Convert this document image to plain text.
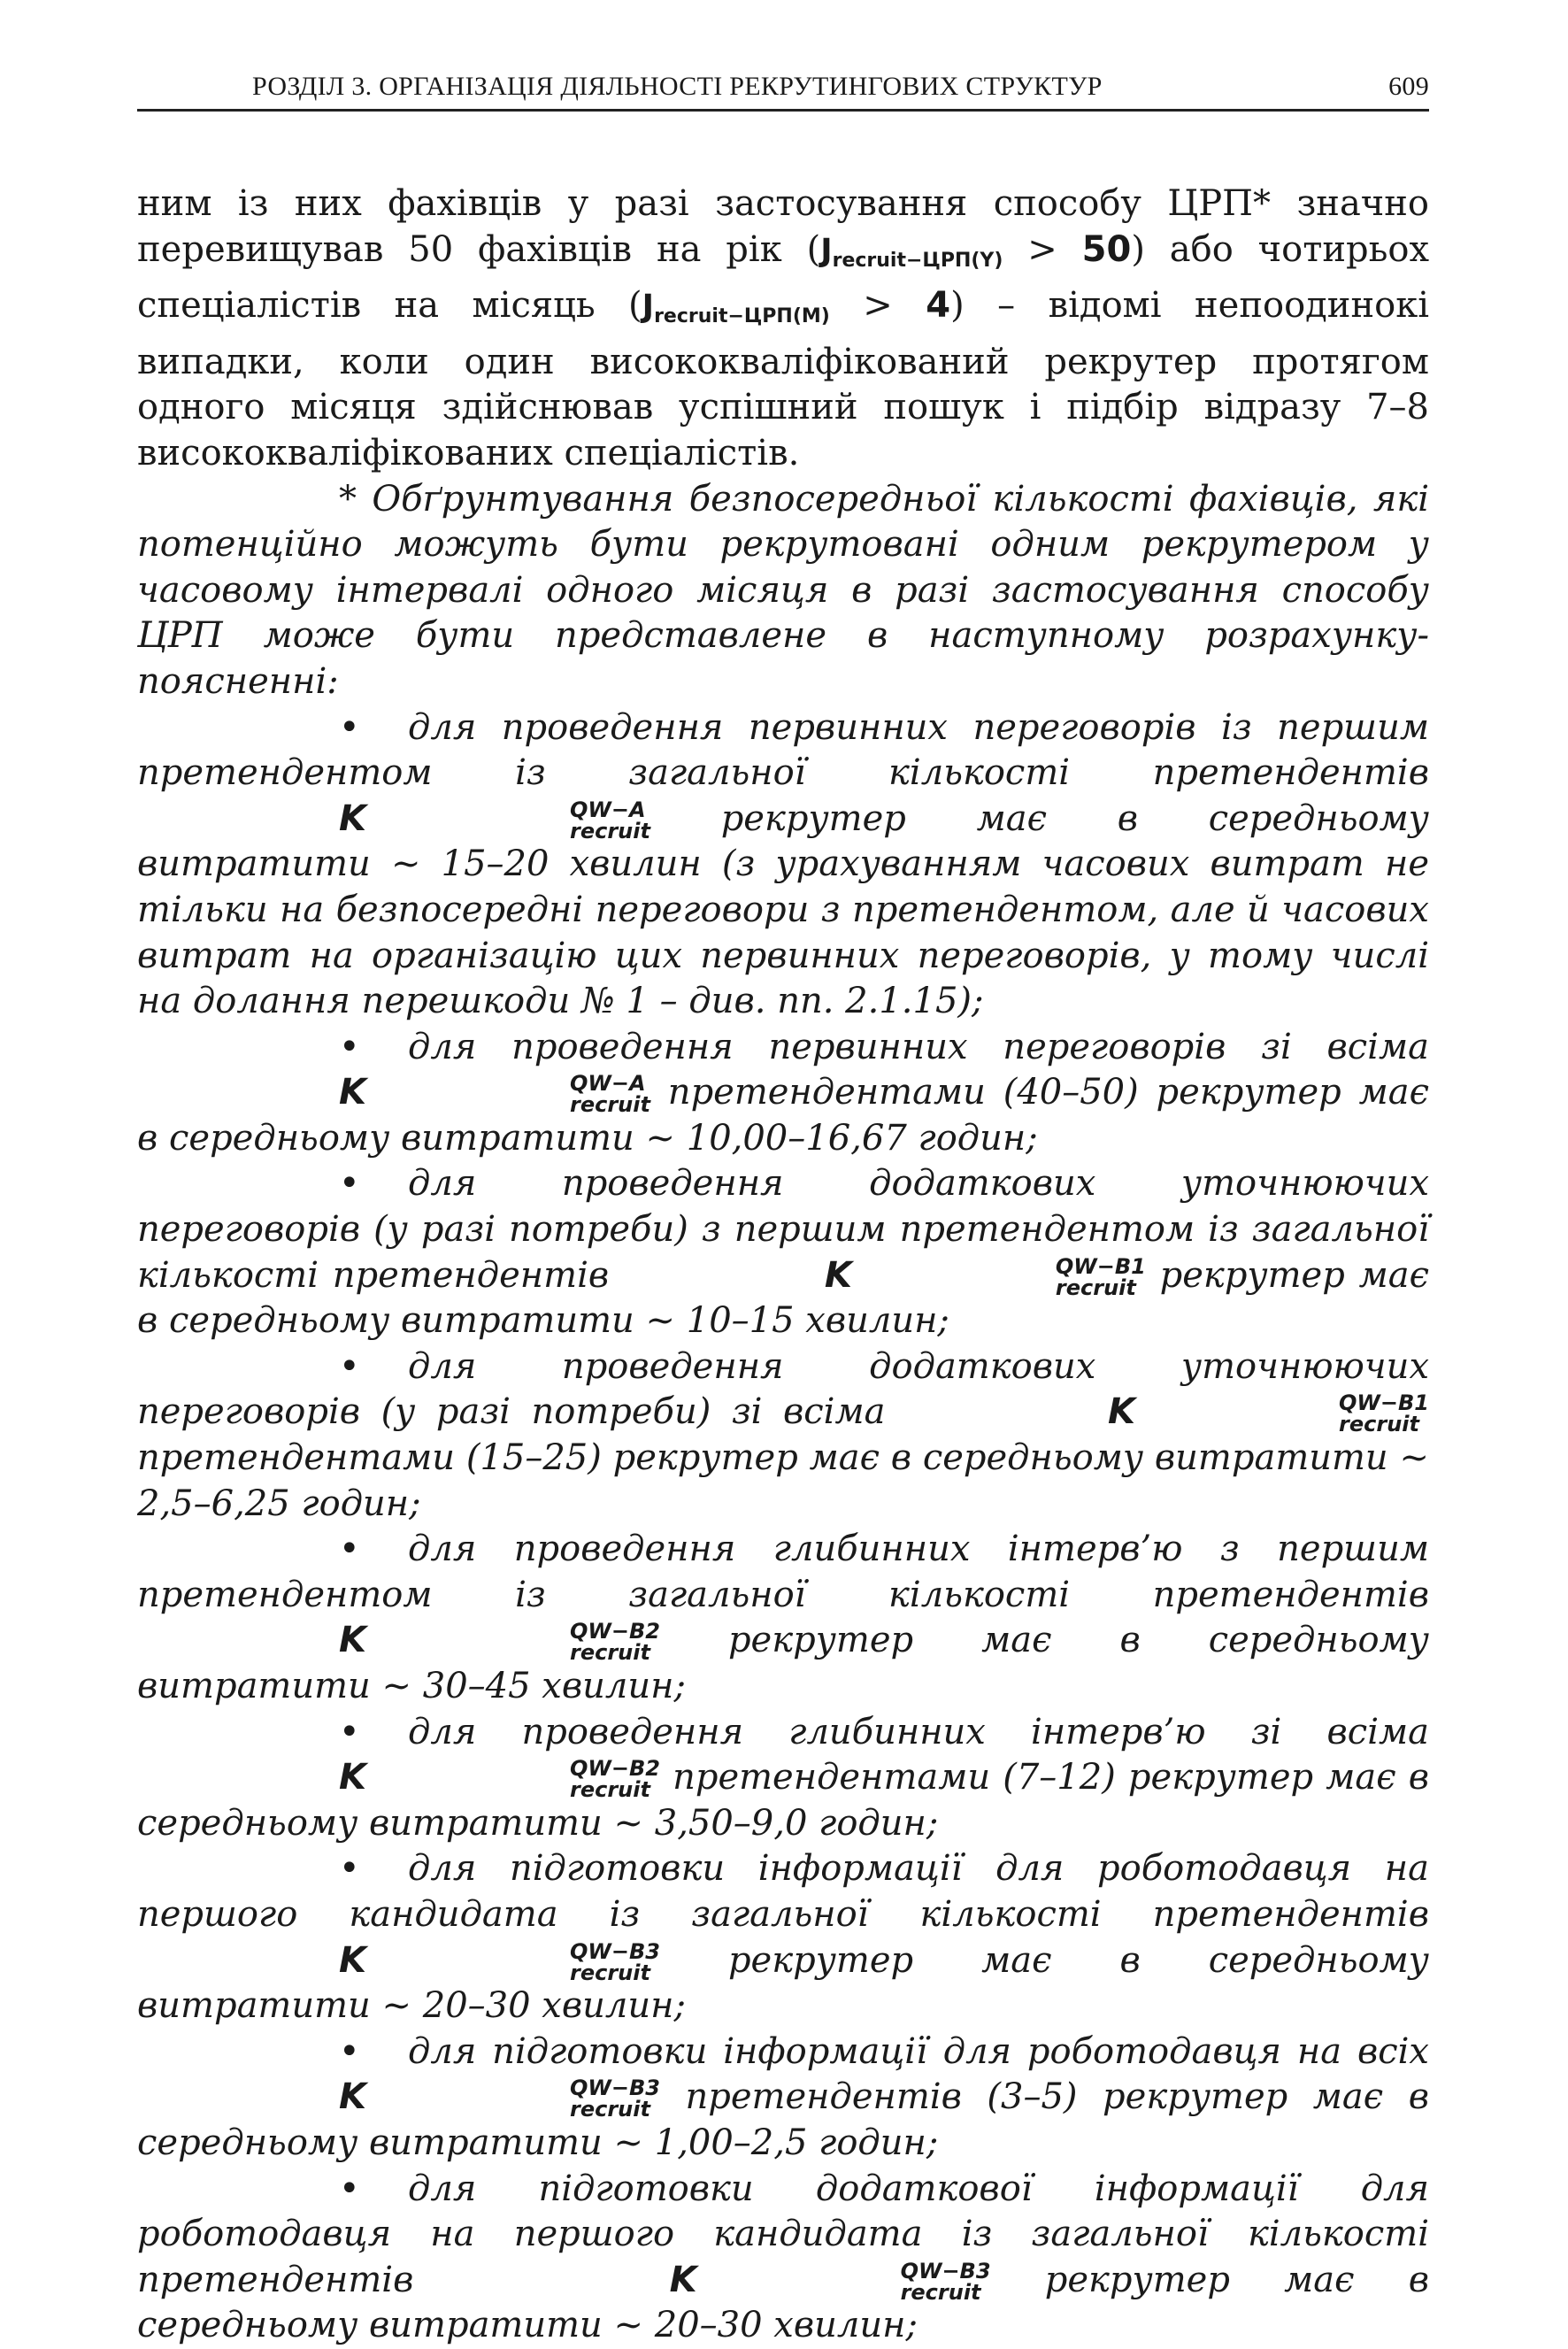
РОЗДІЛ 3. ОРГАНІЗАЦІЯ ДІЯЛЬНОСТІ РЕКРУТИНГОВИХ СТРУКТУР	609

ним із них фахівців у разі застосування способу ЦРП* значно перевищував 50 фахівців на рік $(J_{recruit-ЦРП(Y)} > 50)$ або чотирьох спеціалістів на місяць $(J_{recruit-ЦРП(M)} > 4)$ – відомі непоодинокі випадки, коли один висококваліфікований рекрутер протягом одного місяця здійснював успішний пошук і підбір відразу 7–8 висококваліфікованих спеціалістів.

* Обґрунтування безпосередньої кількості фахівців, які потенційно можуть бути рекрутовані одним рекрутером у часовому інтервалі одного місяця в разі застосування способу ЦРП може бути представлене в наступному розрахунку-поясненні:

• для проведення первинних переговорів із першим претендентом із загальної кількості претендентів K	QW−A
recruit рекрутер має в середньому витратити ~ 15–20 хвилин (з урахуванням часових витрат не тільки на безпосередні переговори з претендентом, але й часових витрат на організацію цих первинних переговорів, у тому числі на долання перешкоди № 1 – див. пп. 2.1.15);

• для проведення первинних переговорів зі всіма K	QW−A
recruit претендентами (40–50) рекрутер має в середньому витратити ~ 10,00–16,67 годин;

• для проведення додаткових уточнюючих переговорів (у разі потреби) з першим претендентом із загальної кількості претендентів	K	QW−B1
recruit рекрутер має в середньому витратити ~ 10–15 хвилин;

• для проведення додаткових уточнюючих переговорів (у разі потреби) зі всіма	K	QW−B1
recruit
претендентами (15–25) рекрутер має в середньому витратити ~ 2,5–6,25 годин;

• для проведення глибинних інтерв’ю з першим претендентом із загальної кількості претендентів K	QW−B2
recruit рекрутер має в середньому витратити ~ 30–45 хвилин;

• для проведення глибинних інтерв’ю зі всіма K	QW−B2
recruit претендентами (7–12) рекрутер має в середньому витратити ~ 3,50–9,0 годин;

• для підготовки інформації для роботодавця на першого кандидата із загальної кількості претендентів K	QW−B3
recruit рекрутер має в середньому витратити ~ 20–30 хвилин;

• для підготовки інформації для роботодавця на всіх K	QW−B3
recruit претендентів (3–5) рекрутер має в середньому витратити ~ 1,00–2,5 годин;

• для підготовки додаткової інформації для роботодавця на першого кандидата із загальної кількості претендентів	K	QW−B3
recruit рекрутер має в середньому витратити ~ 20–30 хвилин;
